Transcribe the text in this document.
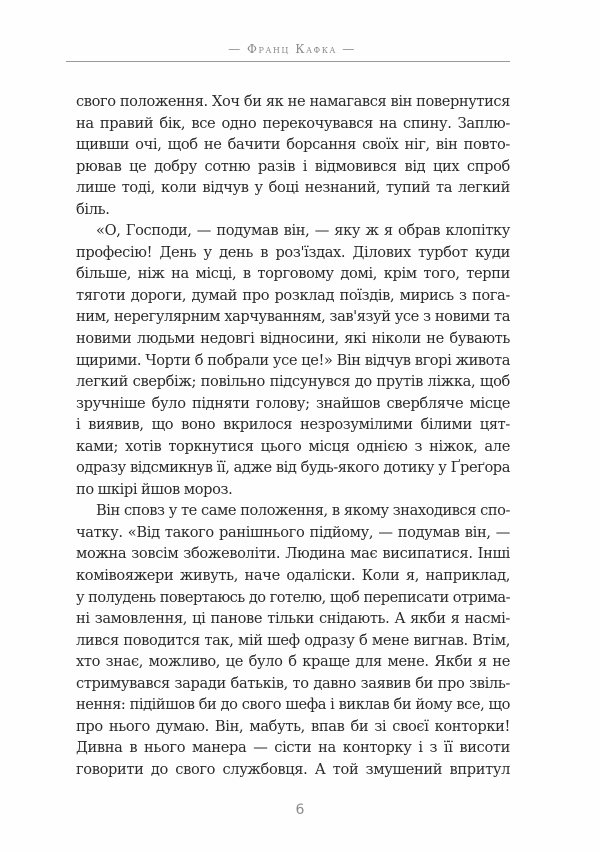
— Франц Кафка —
свого положення. Хоч би як не намагався він повернутися
на правий бік, все одно перекочувався на спину. Заплю-
щивши очі, щоб не бачити борсання своїх ніг, він повто-
рював це добру сотню разів і відмовився від цих спроб
лише тоді, коли відчув у боці незнаний, тупий та легкий
біль.
«О, Господи, — подумав він, — яку ж я обрав клопітку
професію! День у день в роз'їздах. Ділових турбот куди
більше, ніж на місці, в торговому домі, крім того, терпи
тяготи дороги, думай про розклад поїздів, мирись з пога-
ним, нерегулярним харчуванням, зав'язуй усе з новими та
новими людьми недовгі відносини, які ніколи не бувають
щирими. Чорти б побрали усе це!» Він відчув вгорі живота
легкий свербіж; повільно підсунувся до прутів ліжка, щоб
зручніше було підняти голову; знайшов сверблячe місце
і виявив, що воно вкрилося незрозумілими білими цят-
ками; хотів торкнутися цього місця однією з ніжок, але
одразу відсмикнув її, адже від будь-якого дотику у Ґреґора
по шкірі йшов мороз.
Він сповз у те саме положення, в якому знаходився спо-
чатку. «Від такого ранішнього підйому, — подумав він, —
можна зовсім збожеволіти. Людина має висипатися. Інші
комівояжери живуть, наче одаліски. Коли я, наприклад,
у полудень повертаюсь до готелю, щоб переписати отрима-
ні замовлення, ці панове тільки снідають. А якби я насмі-
лився поводится так, мій шеф одразу б мене вигнав. Втім,
хто знає, можливо, це було б краще для мене. Якби я не
стримувався заради батьків, то давно заявив би про звіль-
нення: підійшов би до свого шефа і виклав би йому все, що
про нього думаю. Він, мабуть, впав би зі своєї конторки!
Дивна в нього манера — сісти на конторку і з її висоти
говорити до свого службовця. А той змушений впритул
6
